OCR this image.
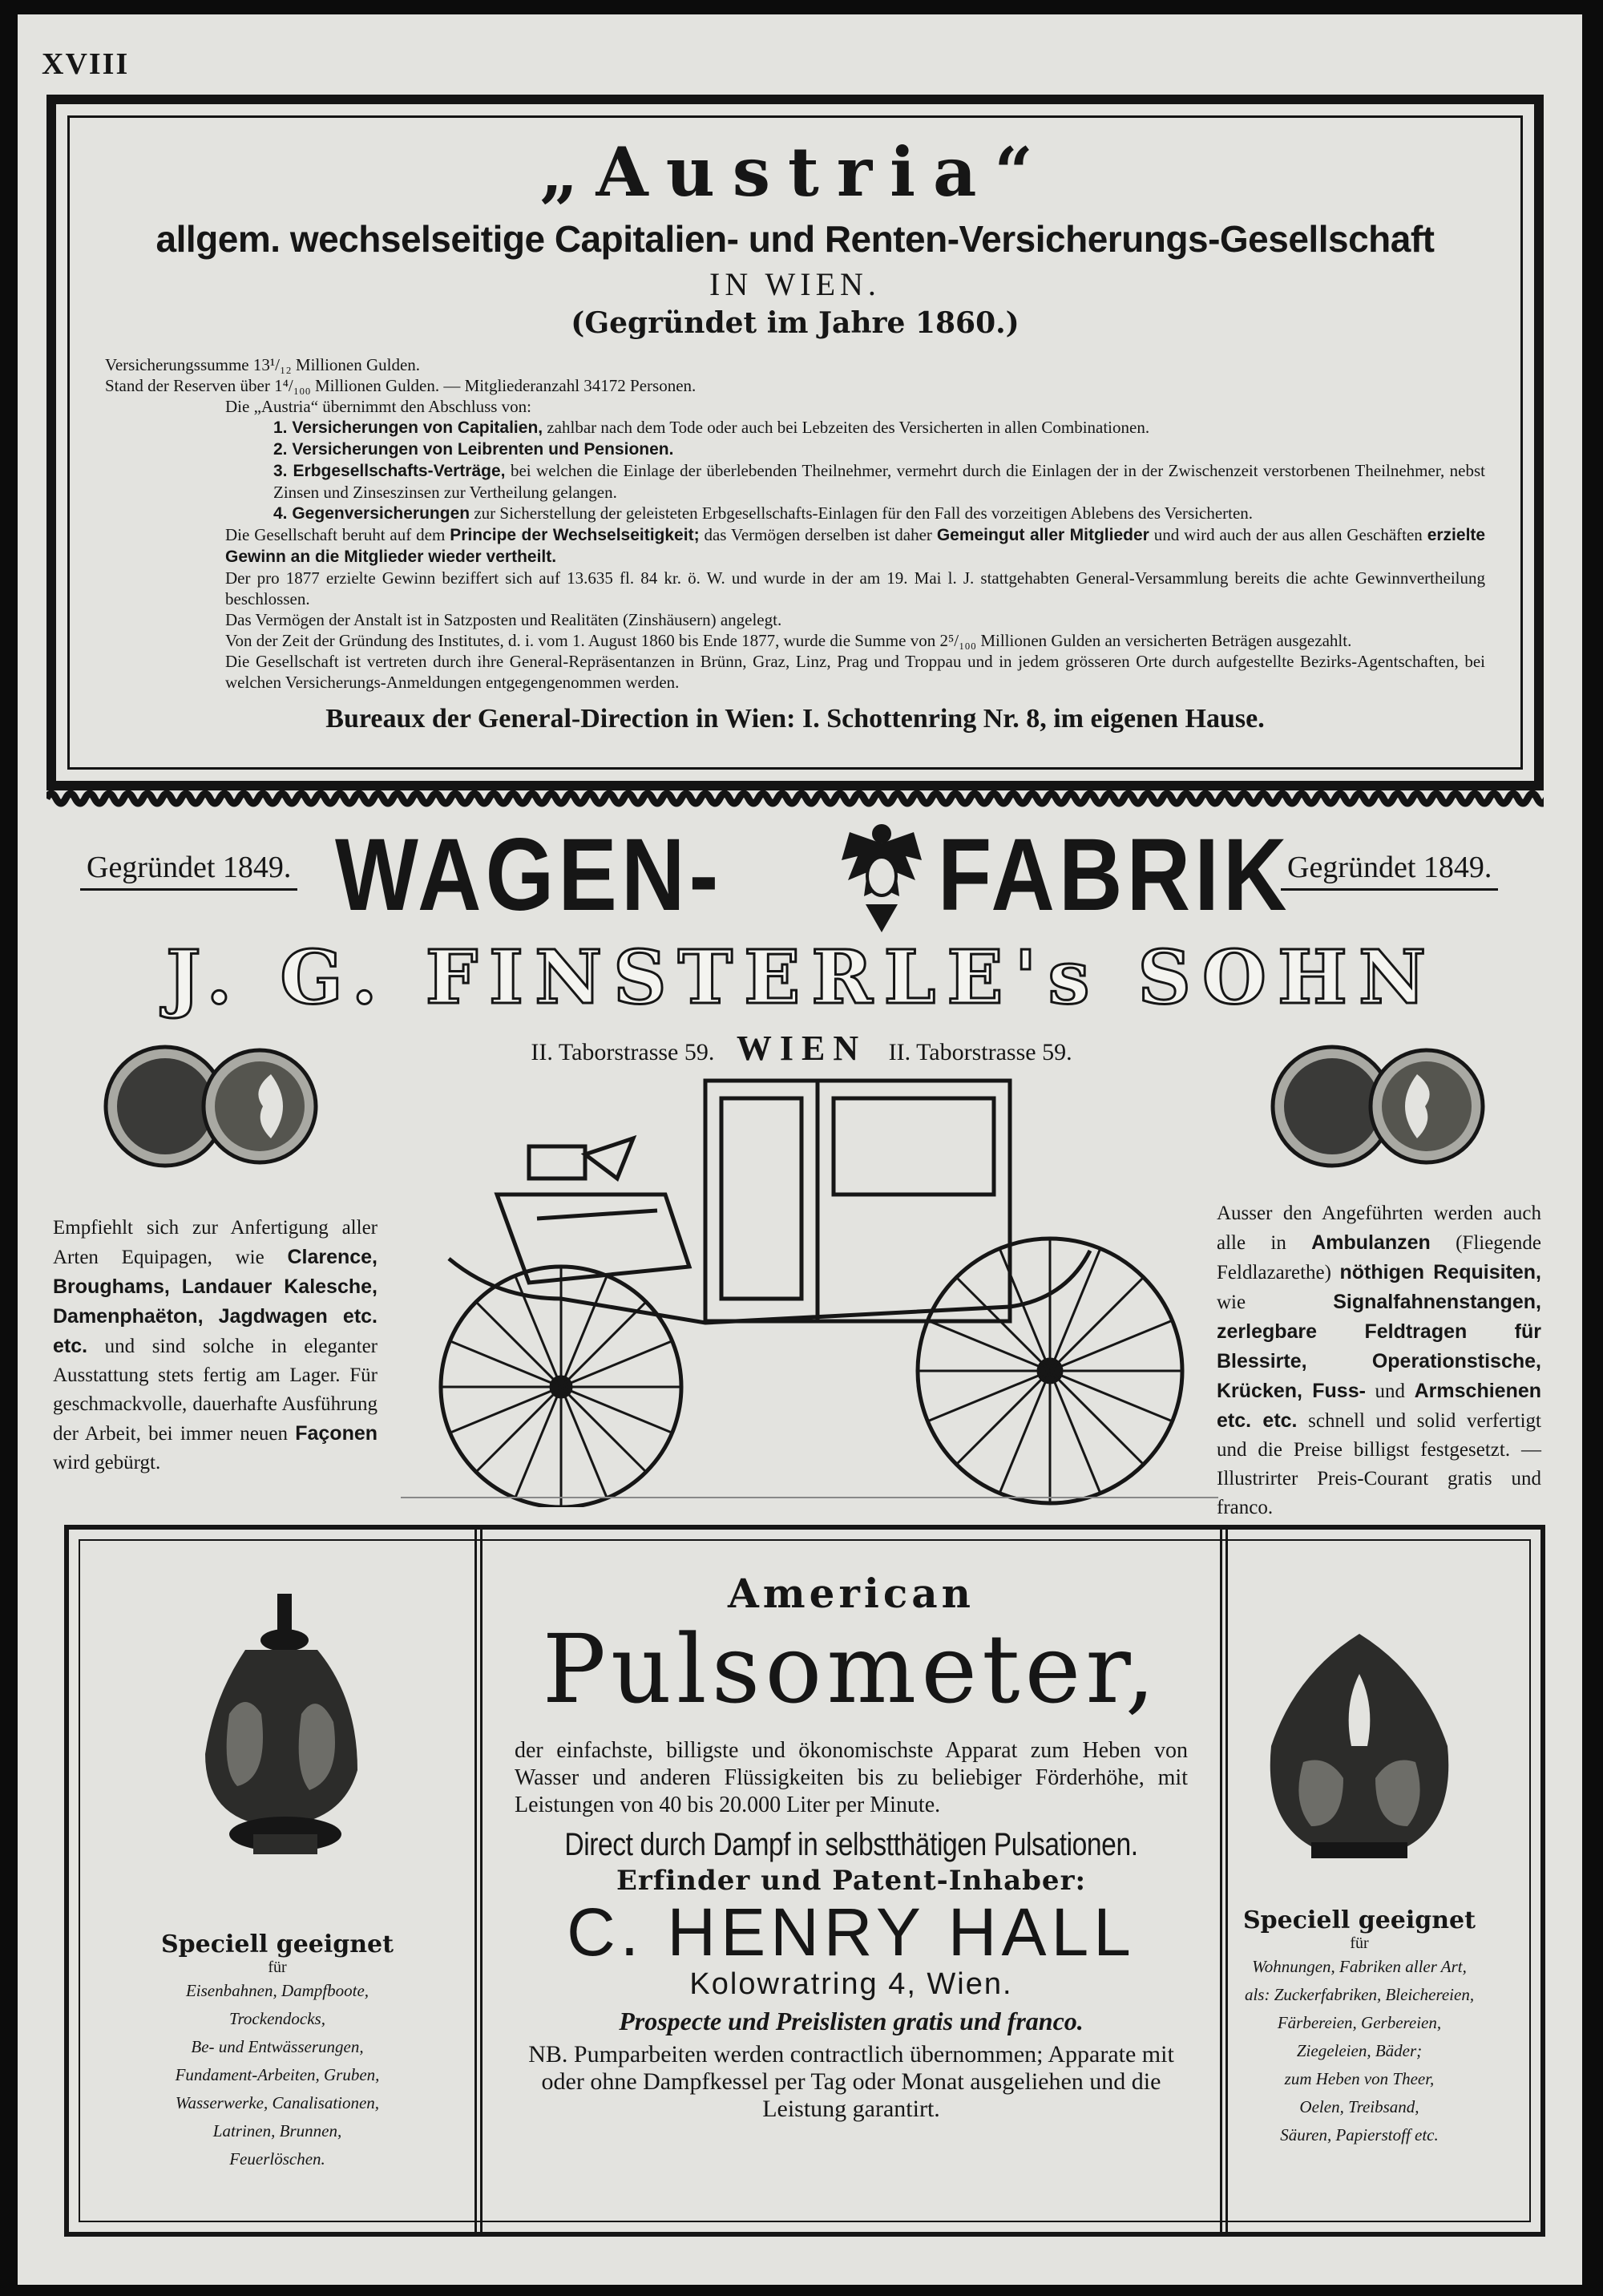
XVIII
„Austria“
allgem. wechselseitige Capitalien- und Renten-Versicherungs-Gesellschaft
IN WIEN.
(Gegründet im Jahre 1860.)

Versicherungssumme 13¹/₁₂ Millionen Gulden.

Stand der Reserven über 1⁴/₁₀₀ Millionen Gulden. — Mitgliederanzahl 34172 Personen.

Die „Austria“ übernimmt den Abschluss von:

1. Versicherungen von Capitalien, zahlbar nach dem Tode oder auch bei Lebzeiten des Versicherten in allen Combinationen.

2. Versicherungen von Leibrenten und Pensionen.

3. Erbgesellschafts-Verträge, bei welchen die Einlage der überlebenden Theilnehmer, vermehrt durch die Einlagen der in der Zwischenzeit verstorbenen Theilnehmer, nebst Zinsen und Zinseszinsen zur Vertheilung gelangen.

4. Gegenversicherungen zur Sicherstellung der geleisteten Erbgesellschafts-Einlagen für den Fall des vorzeitigen Ablebens des Versicherten.

Die Gesellschaft beruht auf dem Principe der Wechselseitigkeit; das Vermögen derselben ist daher Gemeingut aller Mitglieder und wird auch der aus allen Geschäften erzielte Gewinn an die Mitglieder wieder vertheilt.

Der pro 1877 erzielte Gewinn beziffert sich auf 13.635 fl. 84 kr. ö. W. und wurde in der am 19. Mai l. J. stattgehabten General-Versammlung bereits die achte Gewinnvertheilung beschlossen.

Das Vermögen der Anstalt ist in Satzposten und Realitäten (Zinshäusern) angelegt.

Von der Zeit der Gründung des Institutes, d. i. vom 1. August 1860 bis Ende 1877, wurde die Summe von 2⁵/₁₀₀ Millionen Gulden an versicherten Beträgen ausgezahlt.

Die Gesellschaft ist vertreten durch ihre General-Repräsentanzen in Brünn, Graz, Linz, Prag und Troppau und in jedem grösseren Orte durch aufgestellte Bezirks-Agentschaften, bei welchen Versicherungs-Anmeldungen entgegengenommen werden.

Bureaux der General-Direction in Wien: I. Schottenring Nr. 8, im eigenen Hause.
Gegründet 1849.	Gegründet 1849.
WAGEN- FABRIK
J. G. FINSTERLE's SOHN
II. Taborstrasse 59. WIEN II. Taborstrasse 59.
Empfiehlt sich zur Anfertigung aller Arten Equipagen, wie Clarence, Broughams, Landauer Kalesche, Damenphaëton, Jagdwagen etc. etc. und sind solche in eleganter Ausstattung stets fertig am Lager. Für geschmackvolle, dauerhafte Ausführung der Arbeit, bei immer neuen Façonen wird gebürgt.
Ausser den Angeführten werden auch alle in Ambulanzen (Fliegende Feldlazarethe) nöthigen Requisiten, wie	Signalfahnenstangen, zerlegbare Feldtragen für Blessirte, Operationstische, Krücken, Fuss- und Armschienen etc. etc. schnell und solid verfertigt und die Preise billigst festgesetzt. — Illustrirter Preis-Courant gratis und franco.
Speciell geeignet
für
Eisenbahnen, Dampfboote,
Trockendocks,
Be- und Entwässerungen,
Fundament-Arbeiten, Gruben,
Wasserwerke, Canalisationen,
Latrinen, Brunnen,
Feuerlöschen.
American
Pulsometer,
der einfachste, billigste und ökonomischste Apparat zum Heben von Wasser und anderen Flüssigkeiten bis zu beliebiger Förderhöhe, mit Leistungen von 40 bis 20.000 Liter per Minute.
Direct durch Dampf in selbstthätigen Pulsationen.
Erfinder und Patent-Inhaber:
C. HENRY HALL
Kolowratring 4, Wien.
Prospecte und Preislisten gratis und franco.
NB. Pumparbeiten werden contractlich übernommen; Apparate mit oder ohne Dampfkessel per Tag oder Monat ausgeliehen und die Leistung garantirt.
Speciell geeignet
für
Wohnungen, Fabriken aller Art,
als: Zuckerfabriken, Bleichereien,
Färbereien, Gerbereien,
Ziegeleien, Bäder;
zum Heben von Theer,
Oelen, Treibsand,
Säuren, Papierstoff etc.
